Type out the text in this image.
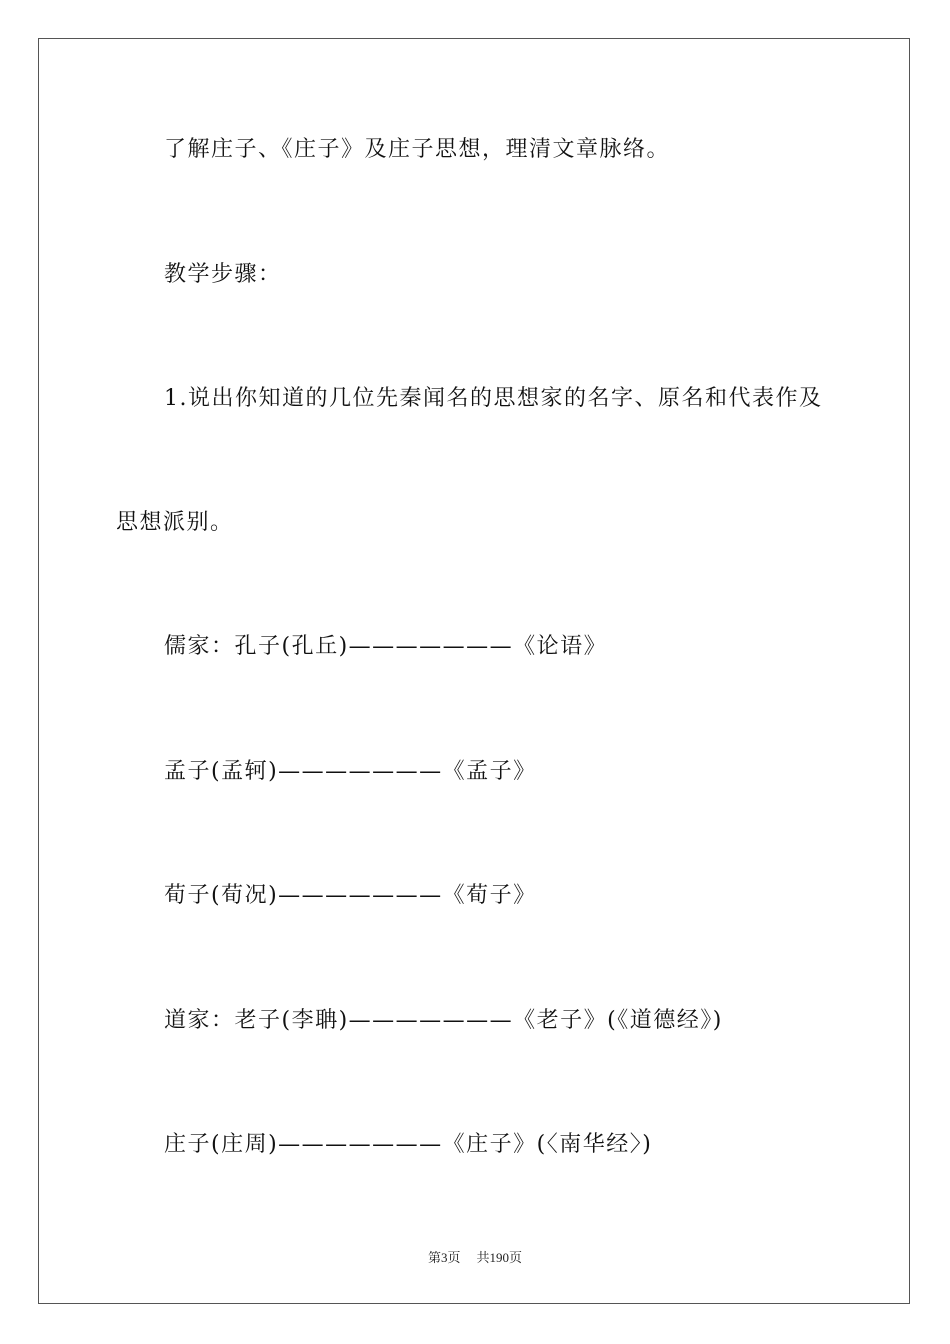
了解庄子、《庄子》及庄子思想，理清文章脉络。
教学步骤：
1.说出你知道的几位先秦闻名的思想家的名字、原名和代表作及
思想派别。
儒家：孔子(孔丘)———————《论语》
孟子(孟轲)———————《孟子》
荀子(荀况)———————《荀子》
道家：老子(李聃)———————《老子》(《道德经》)
庄子(庄周)———————《庄子》(〈南华经〉)
第3页 共190页
